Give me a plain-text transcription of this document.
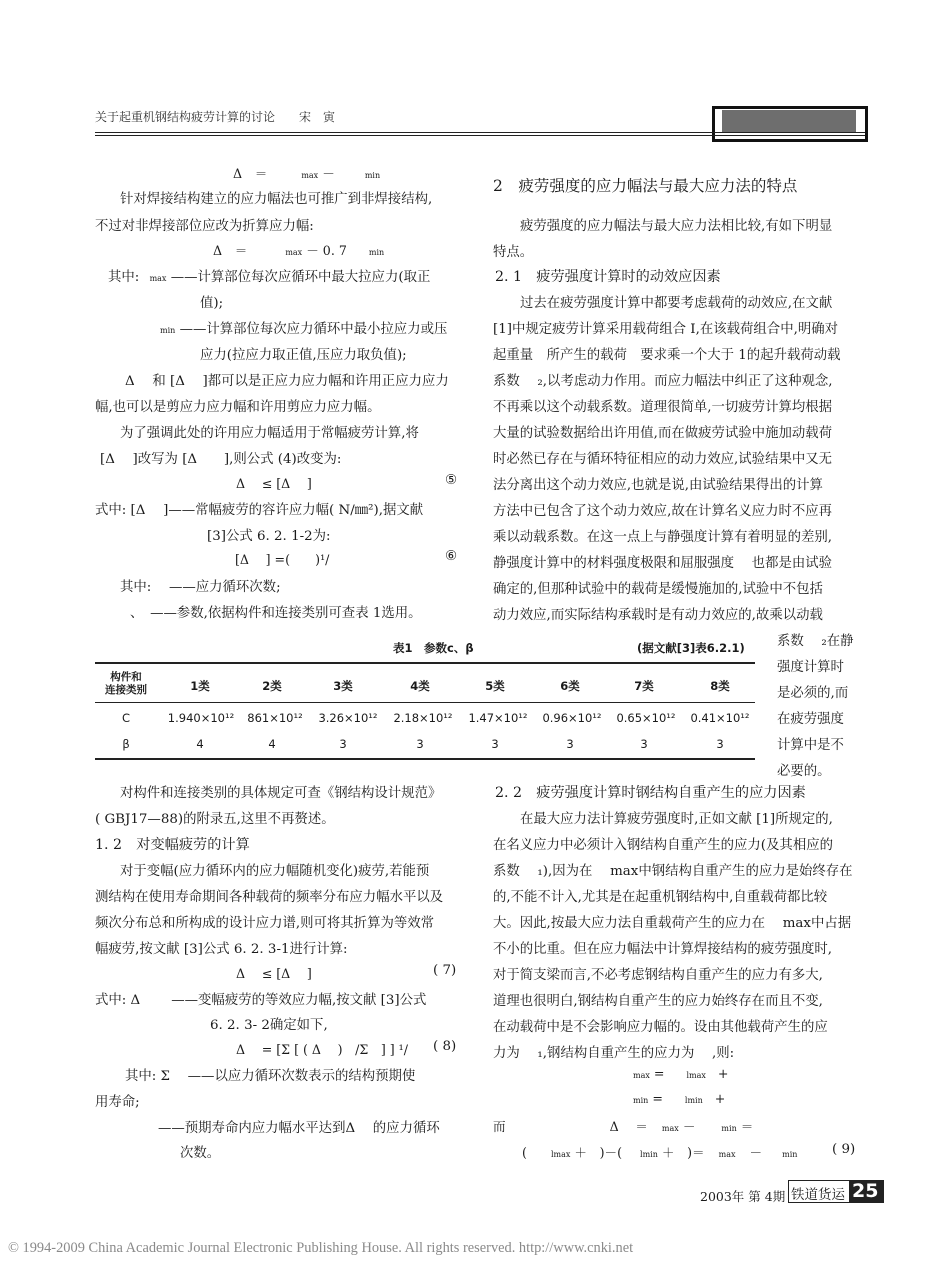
关于起重机钢结构疲劳计算的讨论　　宋　寅
Δ　＝	max －	min
针对焊接结构建立的应力幅法也可推广到非焊接结构,
不过对非焊接部位应改为折算应力幅:
Δ　＝	max － 0. 7	min
其中: max ——计算部位每次应循环中最大拉应力(取正
值);
min ——计算部位每次应力循环中最小拉应力或压
应力(拉应力取正值,压应力取负值);
Δ　 和 [Δ　 ]都可以是正应力应力幅和许用正应力应力
幅,也可以是剪应力应力幅和许用剪应力应力幅。
为了强调此处的许用应力幅适用于常幅疲劳计算,将
[Δ　 ]改写为 [Δ　　],则公式 (4)改变为:
Δ　 ≤ [Δ　 ]	⑤
式中: [Δ　 ]——常幅疲劳的容许应力幅( N/㎜²),据文献
[3]公式 6. 2. 1-2为:
[Δ　 ] =(　　)¹/	⑥
其中:　 ——应力循环次数;
、　——参数,依据构件和连接类别可查表 1选用。
表1　参数c、β	(据文献[3]表6.2.1)
构件和
连接类别	1类	2类	3类	4类	5类	6类	7类	8类
C	1.940×10¹²	861×10¹²	3.26×10¹²	2.18×10¹²	1.47×10¹²	0.96×10¹²	0.65×10¹²	0.41×10¹²
β	4	4	3	3	3	3	3	3
对构件和连接类别的具体规定可查《钢结构设计规范》
( GBJ17—88)的附录五,这里不再赘述。
1. 2　对变幅疲劳的计算
对于变幅(应力循环内的应力幅随机变化)疲劳,若能预
测结构在使用寿命期间各种载荷的频率分布应力幅水平以及
频次分布总和所构成的设计应力谱,则可将其折算为等效常
幅疲劳,按文献 [3]公式 6. 2. 3-1进行计算:
Δ　 ≤ [Δ　 ]	( 7)
式中: Δ　　 ——变幅疲劳的等效应力幅,按文献 [3]公式
6. 2. 3- 2确定如下,
Δ　 = [Σ [ ( Δ　 )　/Σ　] ] ¹/ ( 8)
其中: Σ　 ——以应力循环次数表示的结构预期使
用寿命;
——预期寿命内应力幅水平达到Δ　 的应力循环
次数。
2　疲劳强度的应力幅法与最大应力法的特点
疲劳强度的应力幅法与最大应力法相比较,有如下明显
特点。
2. 1　疲劳强度计算时的动效应因素
过去在疲劳强度计算中都要考虑载荷的动效应,在文献
[1]中规定疲劳计算采用载荷组合 I,在该载荷组合中,明确对
起重量　所产生的载荷　要求乘一个大于 1的起升载荷动载
系数　 ₂,以考虑动力作用。而应力幅法中纠正了这种观念,
不再乘以这个动载系数。道理很简单,一切疲劳计算均根据
大量的试验数据给出许用值,而在做疲劳试验中施加动载荷
时必然已存在与循环特征相应的动力效应,试验结果中又无
法分离出这个动力效应,也就是说,由试验结果得出的计算
方法中已包含了这个动力效应,故在计算名义应力时不应再
乘以动载系数。在这一点上与静强度计算有着明显的差别,
静强度计算中的材料强度极限和屈服强度　 也都是由试验
确定的,但那种试验中的载荷是缓慢施加的,试验中不包括
动力效应,而实际结构承载时是有动力效应的,故乘以动载
系数　 ₂在静
强度计算时
是必须的,而
在疲劳强度
计算中是不
必要的。
2. 2　疲劳强度计算时钢结构自重产生的应力因素
在最大应力法计算疲劳强度时,正如文献 [1]所规定的,
在名义应力中必须计入钢结构自重产生的应力(及其相应的
系数　 ₁),因为在　 max中钢结构自重产生的应力是始终存在
的,不能不计入,尤其是在起重机钢结构中,自重载荷都比较
大。因此,按最大应力法自重载荷产生的应力在　 max中占据
不小的比重。但在应力幅法中计算焊接结构的疲劳强度时,
对于简支梁而言,不必考虑钢结构自重产生的应力有多大,
道理也很明白,钢结构自重产生的应力始终存在而且不变,
在动载荷中是不会影响应力幅的。设由其他载荷产生的应
力为　 ₁,钢结构自重产生的应力为　 ,则:
max =	lmax +
min =	lmin +
而	Δ　 ＝ max －	min ＝
(	lmax ＋　)－( lmin ＋　)＝ max －	min	( 9)
2003年 第 4期 铁道货运 25
© 1994-2009 China Academic Journal Electronic Publishing House. All rights reserved. http://www.cnki.net
